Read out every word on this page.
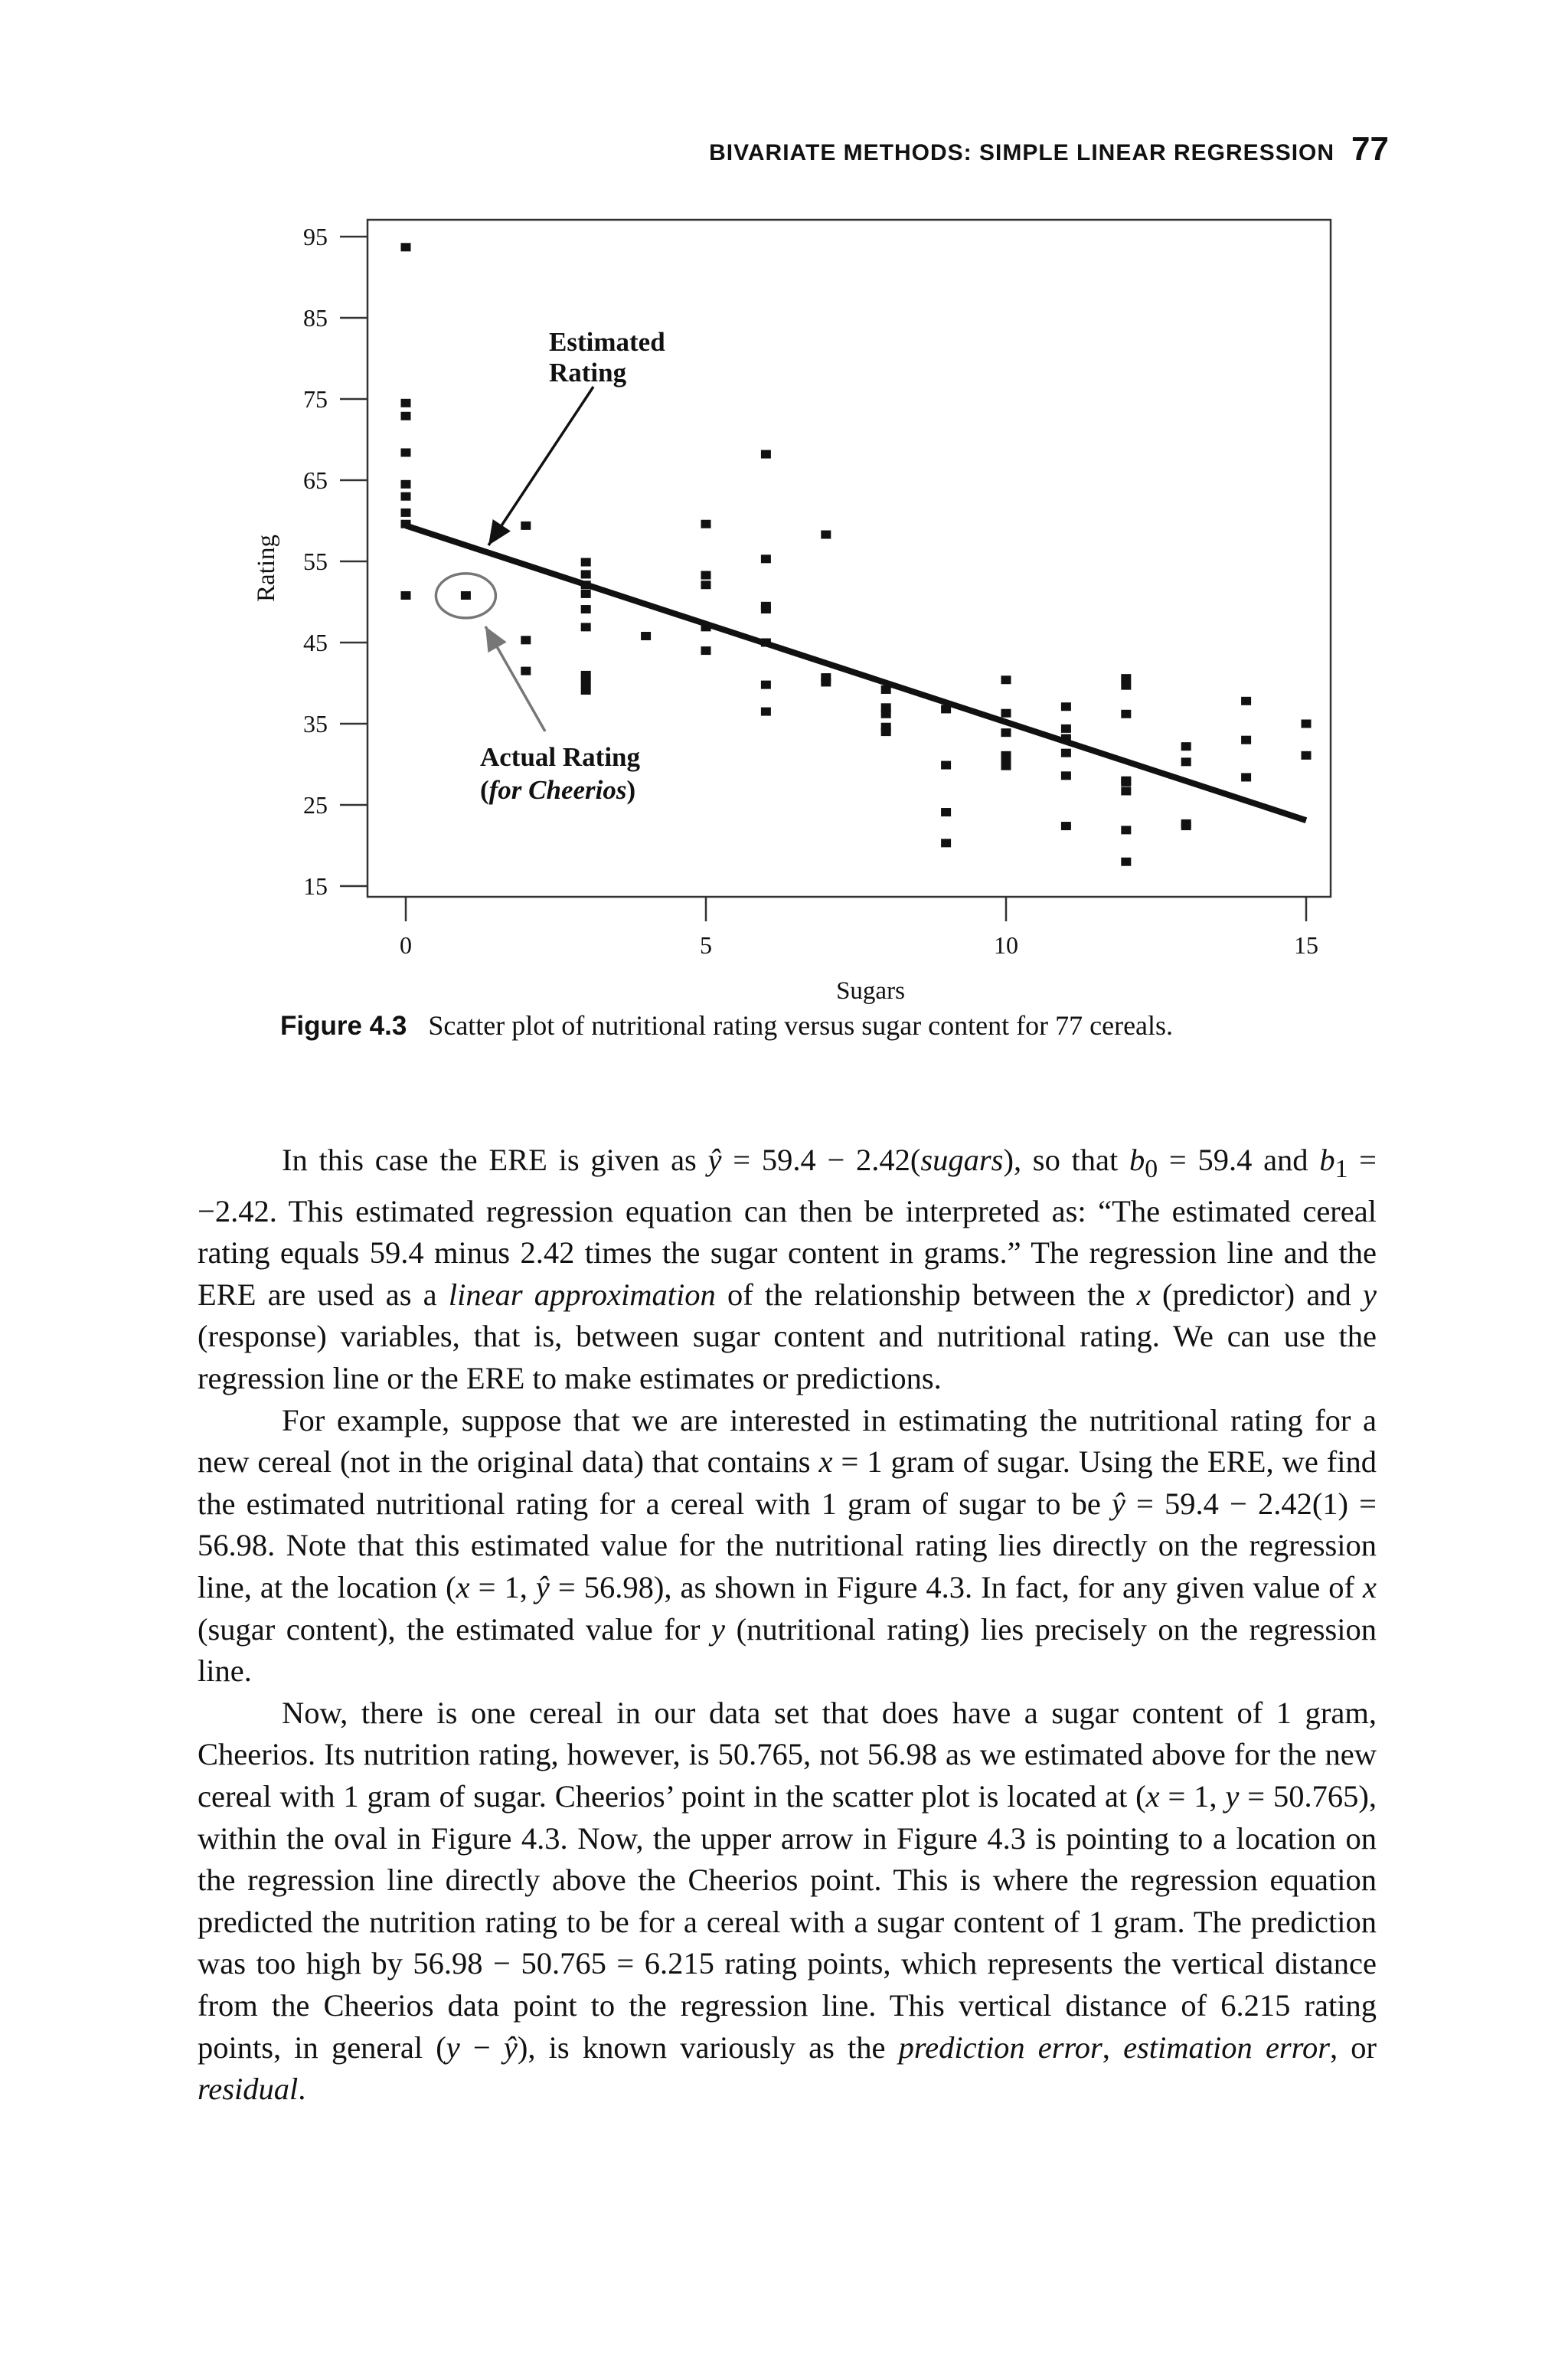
BIVARIATE METHODS: SIMPLE LINEAR REGRESSION 77
15
25
35
45
55
65
75
85
95
0	5	10	15
Estimated Rating
Actual Rating (for Cheerios)
Rating
Sugars
Figure 4.3 Scatter plot of nutritional rating versus sugar content for 77 cereals.

In this case the ERE is given as ŷ = 59.4 − 2.42(sugars), so that $b_0 = 59.4$ and $b_1 = -2.42$. This estimated regression equation can then be interpreted as: “The estimated cereal rating equals 59.4 minus 2.42 times the sugar content in grams.” The regression line and the ERE are used as a linear approximation of the relationship between the x (predictor) and y (response) variables, that is, between sugar content and nutritional rating. We can use the regression line or the ERE to make estimates or predictions.

For example, suppose that we are interested in estimating the nutritional rating for a new cereal (not in the original data) that contains x = 1 gram of sugar. Using the ERE, we find the estimated nutritional rating for a cereal with 1 gram of sugar to be ŷ = 59.4 − 2.42(1) = 56.98. Note that this estimated value for the nutritional rating lies directly on the regression line, at the location (x = 1, ŷ = 56.98), as shown in Figure 4.3. In fact, for any given value of x (sugar content), the estimated value for y (nutritional rating) lies precisely on the regression line.

Now, there is one cereal in our data set that does have a sugar content of 1 gram, Cheerios. Its nutrition rating, however, is 50.765, not 56.98 as we estimated above for the new cereal with 1 gram of sugar. Cheerios’ point in the scatter plot is located at (x = 1, y = 50.765), within the oval in Figure 4.3. Now, the upper arrow in Figure 4.3 is pointing to a location on the regression line directly above the Cheerios point. This is where the regression equation predicted the nutrition rating to be for a cereal with a sugar content of 1 gram. The prediction was too high by 56.98 − 50.765 = 6.215 rating points, which represents the vertical distance from the Cheerios data point to the regression line. This vertical distance of 6.215 rating points, in general (y − ŷ), is known variously as the prediction error, estimation error, or residual.
